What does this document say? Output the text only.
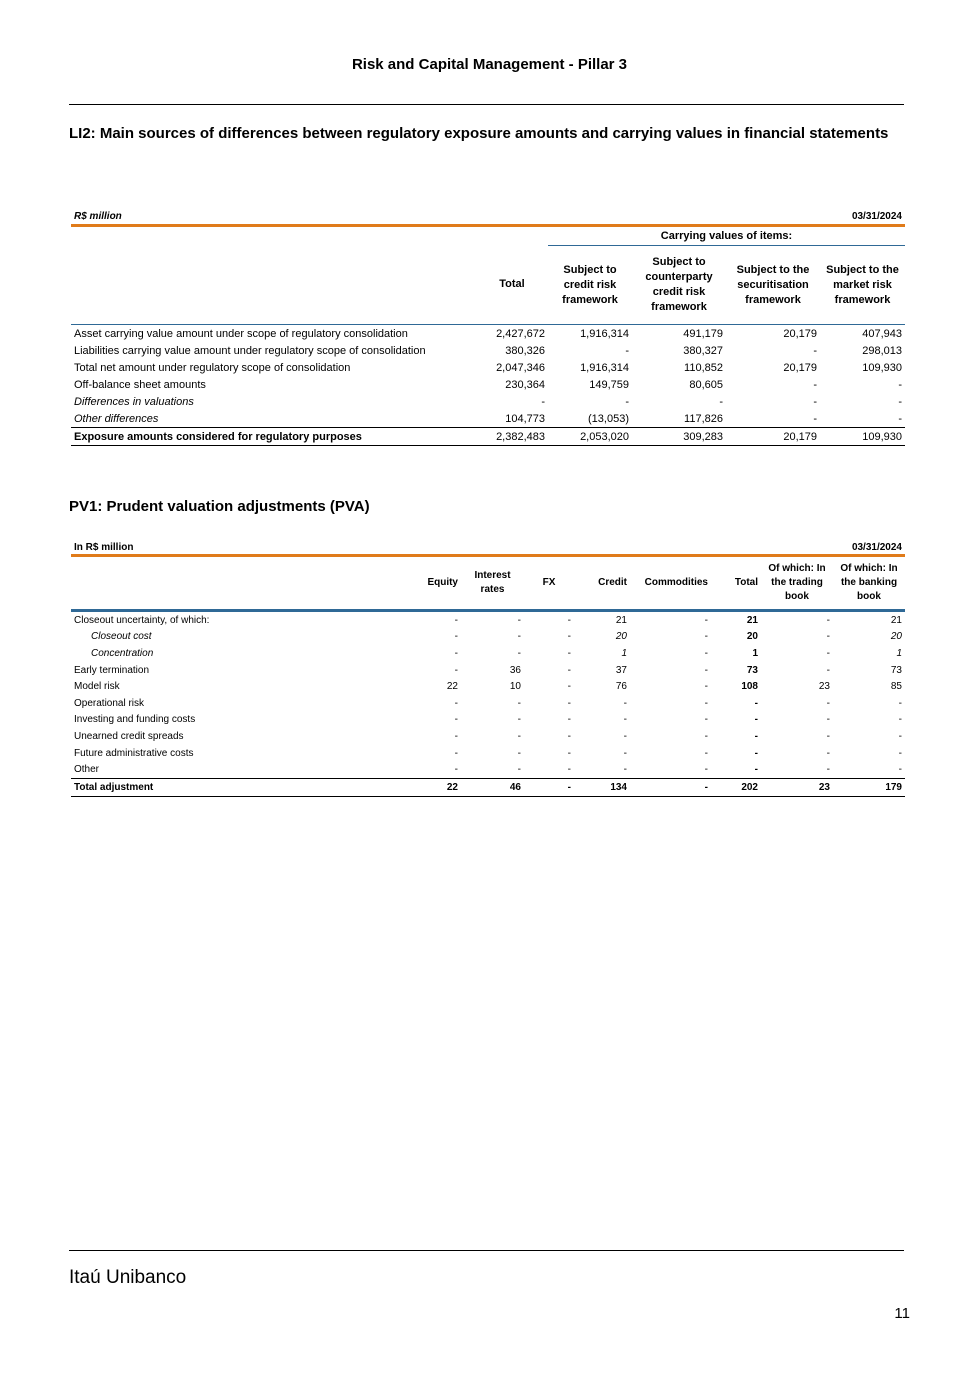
Risk and Capital Management - Pillar 3
LI2: Main sources of differences between regulatory exposure amounts and carrying values in financial statements
R$ million	03/31/2024				
		Carrying values of items:			
	Total	Subject to credit risk framework	Subject to counterparty credit risk framework	Subject to the securitisation framework	Subject to the market risk framework
Asset carrying value amount under scope of regulatory consolidation	2,427,672	1,916,314	491,179	20,179	407,943
Liabilities carrying value amount under regulatory scope of consolidation	380,326	-	380,327	-	298,013
Total net amount under regulatory scope of consolidation	2,047,346	1,916,314	110,852	20,179	109,930
Off-balance sheet amounts	230,364	149,759	80,605	-	-
Differences in valuations	-	-	-	-	-
Other differences	104,773	(13,053)	117,826	-	-
Exposure amounts considered for regulatory purposes	2,382,483	2,053,020	309,283	20,179	109,930
PV1: Prudent valuation adjustments (PVA)
In R$ million	03/31/2024							
	Equity	Interest rates	FX	Credit	Commodities	Total	Of which: In the trading book	Of which: In the banking book
Closeout uncertainty, of which:	-	-	-	21	-	21	-	21
Closeout cost	-	-	-	20	-	20	-	20
Concentration	-	-	-	1	-	1	-	1
Early termination	-	36	-	37	-	73	-	73
Model risk	22	10	-	76	-	108	23	85
Operational risk	-	-	-	-	-	-	-	-
Investing and funding costs	-	-	-	-	-	-	-	-
Unearned credit spreads	-	-	-	-	-	-	-	-
Future administrative costs	-	-	-	-	-	-	-	-
Other	-	-	-	-	-	-	-	-
Total adjustment	22	46	-	134	-	202	23	179
Itaú Unibanco
11
